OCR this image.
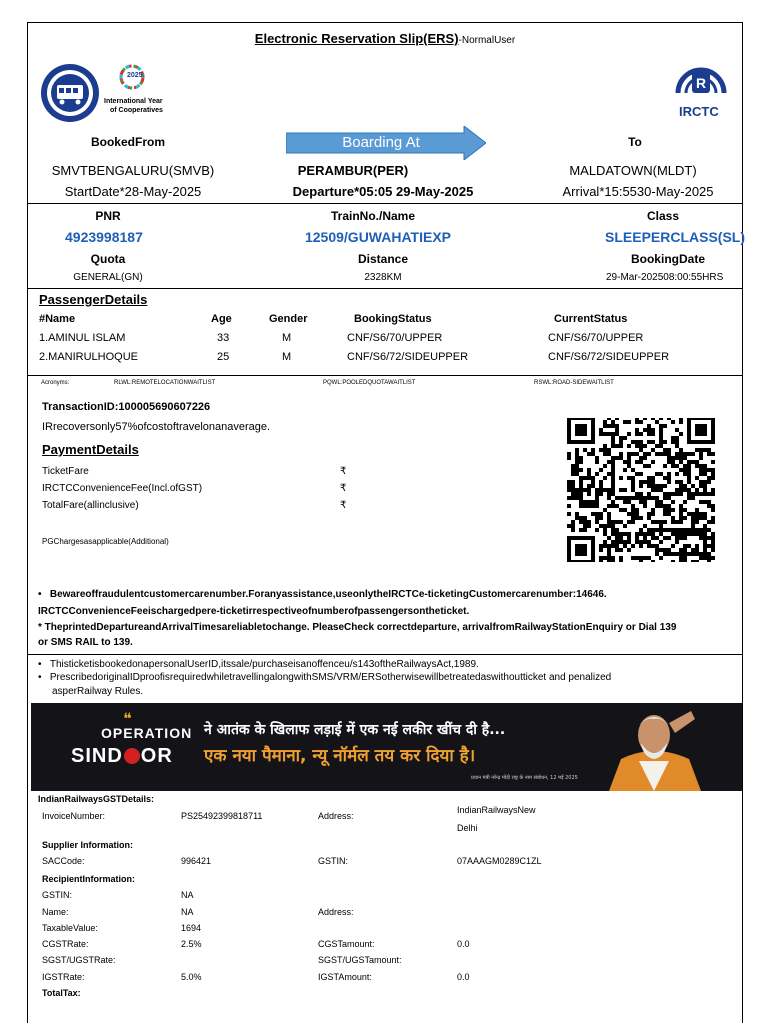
Electronic Reservation Slip(ERS)-NormalUser
2025
International Year
of Cooperatives
R
IRCTC
BookedFrom	Boarding At	To
SMVTBENGALURU(SMVB)	PERAMBUR(PER)	MALDATOWN(MLDT)
StartDate*28-May-2025	Departure*05:05 29-May-2025	Arrival*15:5530-May-2025
PNR	TrainNo./Name	Class
4923998187	12509/GUWAHATIEXP	SLEEPERCLASS(SL)
Quota	Distance	BookingDate
GENERAL(GN)	2328KM	29-Mar-202508:00:55HRS
PassengerDetails
#Name	Age	Gender	BookingStatus	CurrentStatus
1.AMINUL ISLAM	33	M	CNF/S6/70/UPPER	CNF/S6/70/UPPER
2.MANIRULHOQUE	25	M	CNF/S6/72/SIDEUPPER	CNF/S6/72/SIDEUPPER
Acronyms:	RLWL:REMOTELOCATIONWAITLIST	PQWL:POOLEDQUOTAWAITLIST	RSWL:ROAD-SIDEWAITLIST
TransactionID:100005690607226
IRrecoversonly57%ofcostoftravelonanaverage.
PaymentDetails
TicketFare	₹
IRCTCConvenienceFee(Incl.ofGST)	₹
TotalFare(allinclusive)	₹
PGChargesasapplicable(Additional)
•   Bewareoffraudulentcustomercarenumber.Foranyassistance,useonlytheIRCTCe-ticketingCustomercarenumber:14646.
IRCTCConvenienceFeeischargedpere-ticketirrespectiveofnumberofpassengersontheticket.
* TheprintedDepartureandArrivalTimesareliabletochange. PleaseCheck correctdeparture, arrivalfromRailwayStationEnquiry or Dial 139
or SMS RAIL to 139.
•   ThisticketisbookedonapersonalUserID,itssale/purchaseisanoffenceu/s143oftheRailwaysAct,1989.
•   PrescribedoriginalIDproofisrequiredwhiletravellingalongwithSMS/VRM/ERSotherwisewillbetreatedaswithoutticket and penalized
asperRailway Rules.
❝
OPERATION
SIND OR
ने आतंक के खिलाफ लड़ाई में एक नई लकीर खींच दी है...
एक नया पैमाना, न्यू नॉर्मल तय कर दिया है।
प्रधान मंत्री नरेन्द्र मोदी राष्ट्र के नाम संबोधन, 12 मई 2025
IndianRailwaysGSTDetails:
InvoiceNumber:	PS25492399818711	Address:
IndianRailwaysNew
Delhi
Supplier Information:
SACCode:	996421	GSTIN:	07AAAGM0289C1ZL
RecipientInformation:
GSTIN:	NA
Name:	NA	Address:
TaxableValue:	1694
CGSTRate:	2.5%	CGSTamount:	0.0
SGST/UGSTRate:	SGST/UGSTamount:
IGSTRate:	5.0%	IGSTAmount:	0.0
TotalTax:
